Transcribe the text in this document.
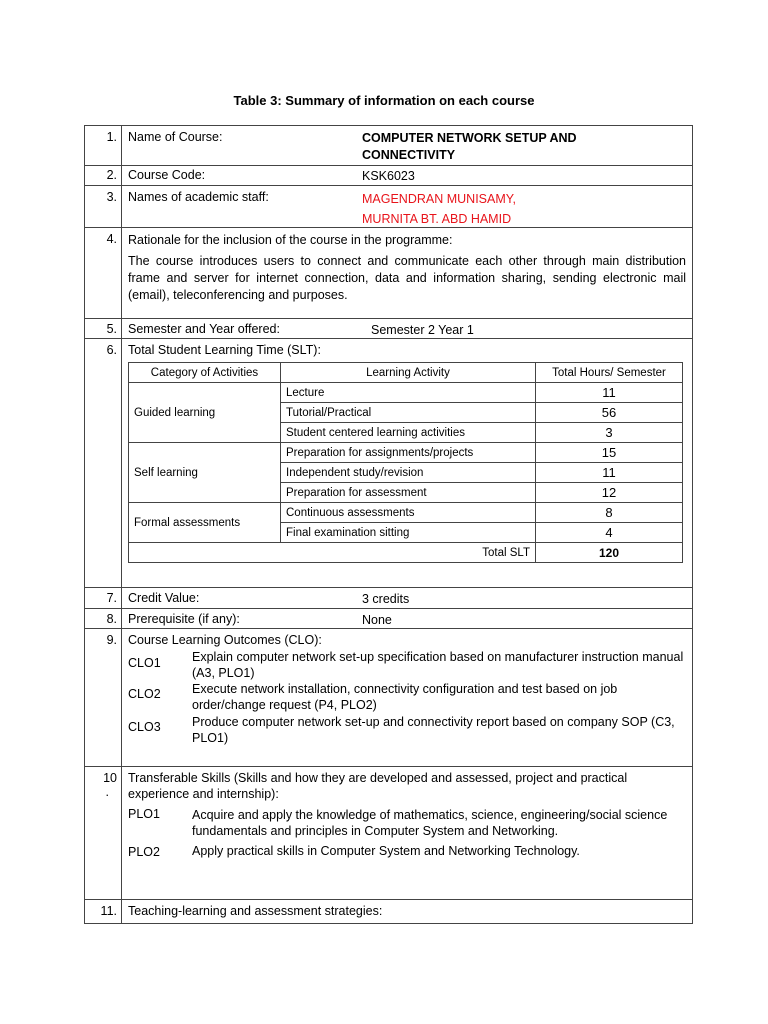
Table 3: Summary of information on each course
1.	Name of Course:	COMPUTER NETWORK SETUP AND CONNECTIVITY

2.	Course Code:	KSK6023

3.	Names of academic staff:	MAGENDRAN MUNISAMY,
MURNITA BT. ABD HAMID

4.	Rationale for the inclusion of the course in the programme:
The course introduces users to connect and communicate each other through main distribution frame and server for internet connection, data and information sharing, sending electronic mail (email), teleconferencing and purposes.

5.	Semester and Year offered:	Semester 2 Year 1

6.	Total Student Learning Time (SLT):
Category of Activities	Learning Activity	Total Hours/ Semester
Guided learning	Lecture	11
Tutorial/Practical	56
Student centered learning activities	3
Self learning	Preparation for assignments/projects	15
Independent study/revision	11
Preparation for assessment	12
Formal assessments	Continuous assessments	8
Final examination sitting	4
Total SLT	120

7.	Credit Value:	3 credits

8.	Prerequisite (if any):	None

9.	Course Learning Outcomes (CLO):
CLO1	Explain computer network set-up specification based on manufacturer instruction manual (A3, PLO1)
CLO2	Execute network installation, connectivity configuration and test based on job order/change request (P4, PLO2)
CLO3	Produce computer network set-up and connectivity report based on company SOP (C3, PLO1)

10
.	
Transferable Skills (Skills and how they are developed and assessed, project and practical experience and internship):
PLO1	Acquire and apply the knowledge of mathematics, science, engineering/social science fundamentals and principles in Computer System and Networking.
PLO2	Apply practical skills in Computer System and Networking Technology.

11.	Teaching-learning and assessment strategies:
